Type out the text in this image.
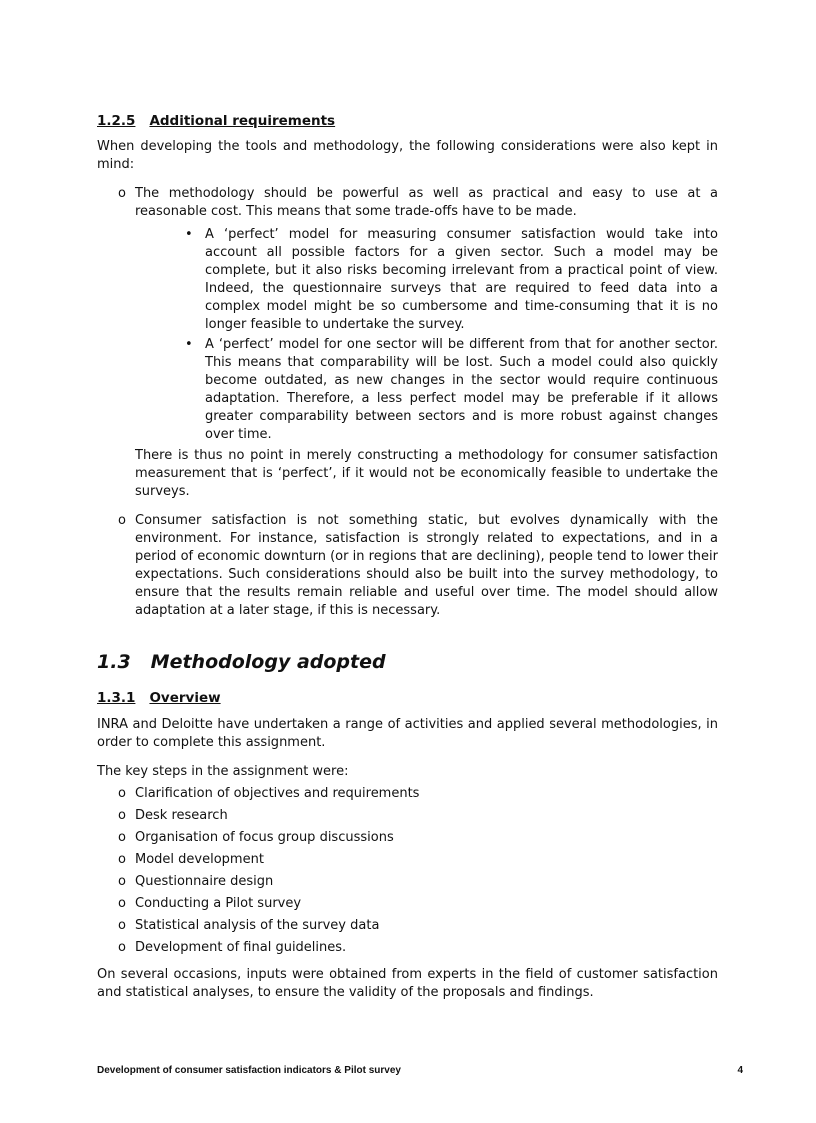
1.2.5 Additional requirements
When developing the tools and methodology, the following considerations were also kept in mind:
o The methodology should be powerful as well as practical and easy to use at a reasonable cost. This means that some trade-offs have to be made.
• A ‘perfect’ model for measuring consumer satisfaction would take into account all possible factors for a given sector. Such a model may be complete, but it also risks becoming irrelevant from a practical point of view. Indeed, the questionnaire surveys that are required to feed data into a complex model might be so cumbersome and time-consuming that it is no longer feasible to undertake the survey.
• A ‘perfect’ model for one sector will be different from that for another sector. This means that comparability will be lost. Such a model could also quickly become outdated, as new changes in the sector would require continuous adaptation. Therefore, a less perfect model may be preferable if it allows greater comparability between sectors and is more robust against changes over time.
There is thus no point in merely constructing a methodology for consumer satisfaction measurement that is ‘perfect’, if it would not be economically feasible to undertake the surveys.
o Consumer satisfaction is not something static, but evolves dynamically with the environment. For instance, satisfaction is strongly related to expectations, and in a period of economic downturn (or in regions that are declining), people tend to lower their expectations. Such considerations should also be built into the survey methodology, to ensure that the results remain reliable and useful over time. The model should allow adaptation at a later stage, if this is necessary.
1.3 Methodology adopted
1.3.1 Overview
INRA and Deloitte have undertaken a range of activities and applied several methodologies, in order to complete this assignment.
The key steps in the assignment were:
o Clarification of objectives and requirements
o Desk research
o Organisation of focus group discussions
o Model development
o Questionnaire design
o Conducting a Pilot survey
o Statistical analysis of the survey data
o Development of final guidelines.
On several occasions, inputs were obtained from experts in the field of customer satisfaction and statistical analyses, to ensure the validity of the proposals and findings.
Development of consumer satisfaction indicators & Pilot survey	4
